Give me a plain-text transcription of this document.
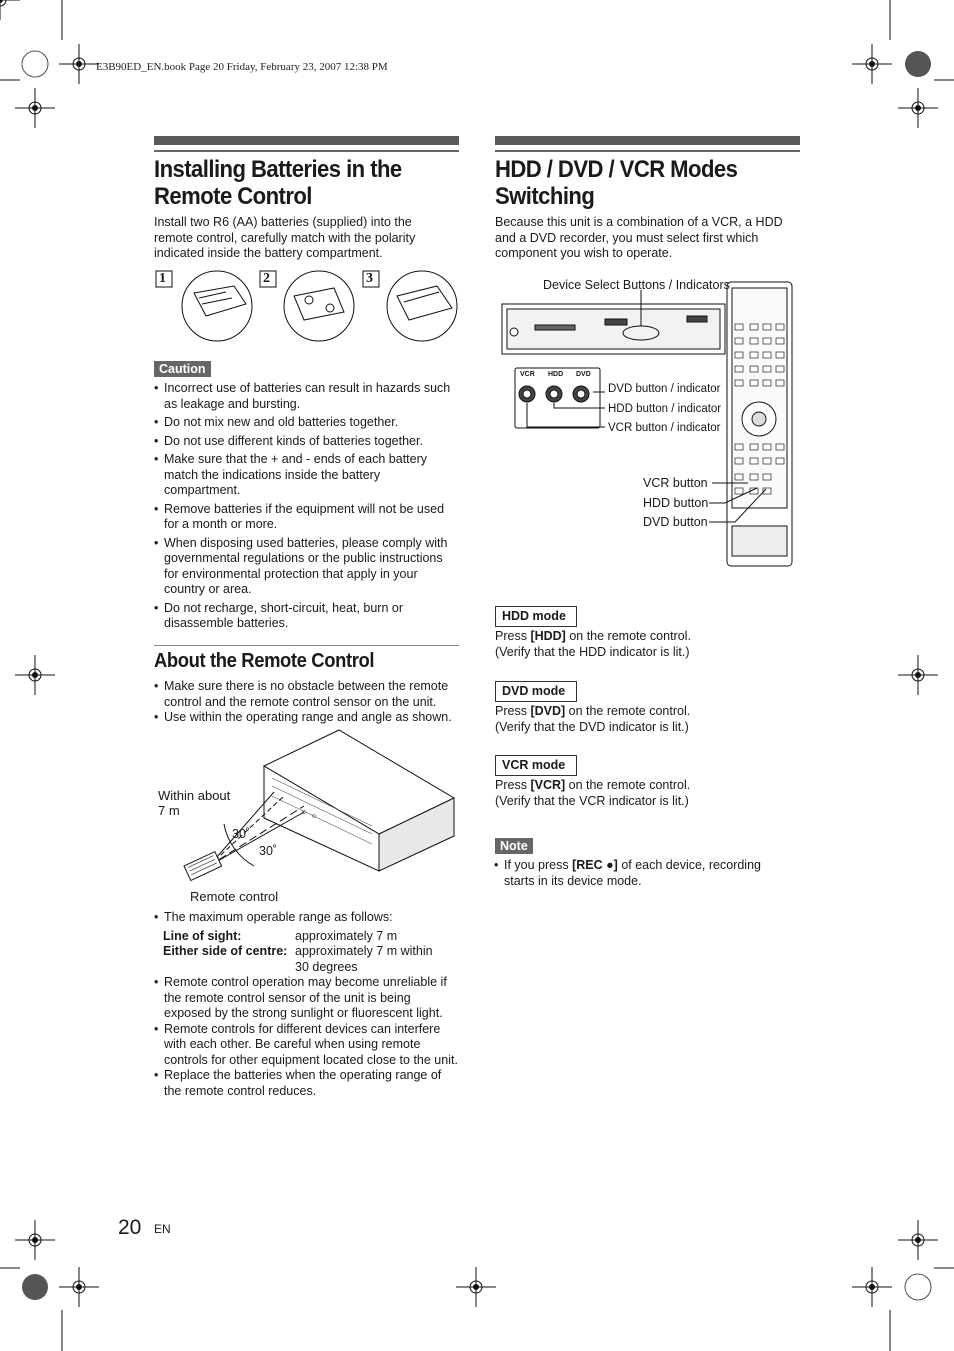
E3B90ED_EN.book Page 20 Friday, February 23, 2007 12:38 PM
Installing Batteries in the
Remote Control
Install two R6 (AA) batteries (supplied) into the remote control, carefully match with the polarity indicated inside the battery compartment.
1	2	3
Caution
• Incorrect use of batteries can result in hazards such as leakage and bursting.
• Do not mix new and old batteries together.
• Do not use different kinds of batteries together.
• Make sure that the + and - ends of each battery match the indications inside the battery compartment.
• Remove batteries if the equipment will not be used for a month or more.
• When disposing used batteries, please comply with governmental regulations or the public instructions for environmental protection that apply in your country or area.
• Do not recharge, short-circuit, heat, burn or disassemble batteries.
About the Remote Control
• Make sure there is no obstacle between the remote control and the remote control sensor on the unit.
• Use within the operating range and angle as shown.
Within about
7 m
30˚
30˚
Remote control
• The maximum operable range as follows:
Line of sight:	approximately 7 m
Either side of centre:	approximately 7 m within
30 degrees
• Remote control operation may become unreliable if the remote control sensor of the unit is being exposed by the strong sunlight or fluorescent light.
• Remote controls for different devices can interfere with each other. Be careful when using remote controls for other equipment located close to the unit.
• Replace the batteries when the operating range of the remote control reduces.
HDD / DVD / VCR Modes
Switching
Because this unit is a combination of a VCR, a HDD and a DVD recorder, you must select first which component you wish to operate.
Device Select Buttons / Indicators
VCR HDD DVD
DVD button / indicator
HDD button / indicator
VCR button / indicator
VCR button
HDD button
DVD button
HDD mode
Press [HDD] on the remote control.
(Verify that the HDD indicator is lit.)
DVD mode
Press [DVD] on the remote control.
(Verify that the DVD indicator is lit.)
VCR mode
Press [VCR] on the remote control.
(Verify that the VCR indicator is lit.)
Note
• If you press [REC ●] of each device, recording starts in its device mode.
20 EN
